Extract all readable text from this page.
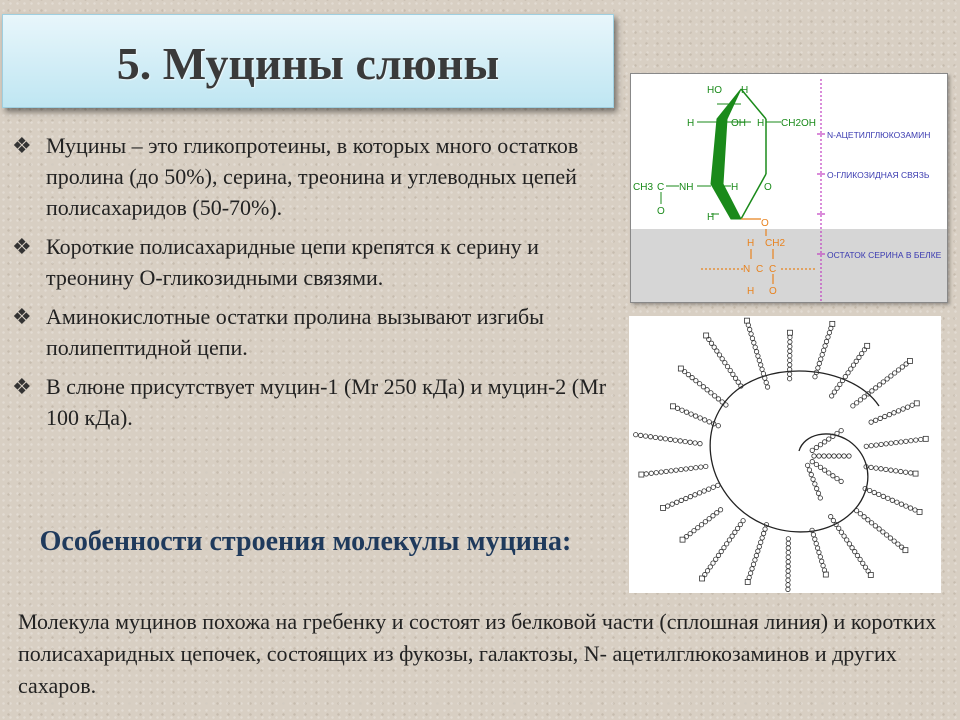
5. Муцины слюны
❖ Муцины – это гликопротеины, в которых много остатков пролина (до 50%), серина, треонина и углеводных цепей полисахаридов (50-70%).
❖ Короткие полисахаридные цепи крепятся к серину и треонину О-гликозидными связями.
❖ Аминокислотные остатки пролина вызывают изгибы полипептидной цепи.
❖ В слюне присутствует муцин-1 (Mr 250 кДа) и муцин-2 (Mr 100 кДа).
Особенности строения молекулы муцина:

Молекула муцинов похожа на гребенку и состоят из белковой части (сплошная линия) и коротких полисахаридных цепочек, состоящих из фукозы, галактозы, N- ацетилглюкозаминов и других сахаров.

HO H
H	OH H CH2OH
CH3 C NH	O
H
O
H
O
H CH2
N C C
H O
N-АЦЕТИЛГЛЮКОЗАМИН
О-ГЛИКОЗИДНАЯ СВЯЗЬ
ОСТАТОК СЕРИНА В БЕЛКЕ
